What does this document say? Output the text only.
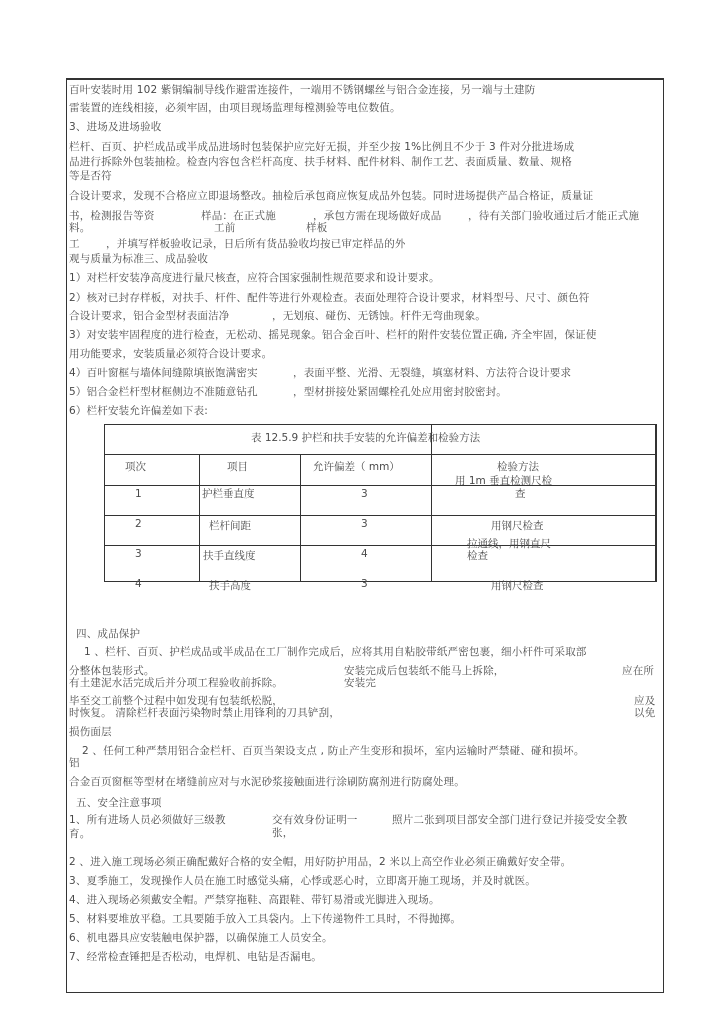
百叶安装时用 102 紫铜编制导线作避雷连接件，一端用不锈钢螺丝与铝合金连接，另一端与土建防
雷装置的连线相接，必须牢固，由项目现场监理每樘测验等电位数值。
3、进场及进场验收
栏杆、百页、护栏成品或半成品进场时包装保护应完好无损，并至少按 1%比例且不少于 3 件对分批进场成
品进行拆除外包装抽检。检查内容包含栏杆高度、扶手材料、配件材料、制作工艺、表面质量、数量、规格
等是否符
合设计要求，发现不合格应立即退场整改。抽检后承包商应恢复成品外包装。同时进场提供产品合格证，质量证
书，检测报告等资	样品：在正式施	，承包方需在现场做好成品	，待有关部门验收通过后才能正式施
料。	工前	样板
工	，并填写样板验收记录，日后所有货品验收均按已审定样品的外
观与质量为标准三、成品验收
1）对栏杆安装净高度进行量尺核查，应符合国家强制性规范要求和设计要求。
2）核对已封存样板，对扶手、杆件、配件等进行外观检查。表面处理符合设计要求，材料型号、尺寸、颜色符
合设计要求，铝合金型材表面洁净	，无划痕、碰伤、无锈蚀。杆件无弯曲现象。
3）对安装牢固程度的进行检查，无松动、摇晃现象。铝合金百叶、栏杆的附件安装位置正确, 齐全牢固，保证使
用功能要求，安装质量必须符合设计要求。
4）百叶窗框与墙体间缝隙填嵌饱满密实	，表面平整、光滑、无裂缝，填塞材料、方法符合设计要求
5）铝合金栏杆型材框侧边不准随意钻孔	，型材拼接处紧固螺栓孔处应用密封胶密封。
6）栏杆安装允许偏差如下表:
表 12.5.9 护栏和扶手安装的允许偏差和检验方法
项次	项目	允许偏差（ mm）	检验方法
用 1m 垂直检测尺检
1	护栏垂直度	3	查
2	栏杆间距	3	用钢尺检查
3	扶手直线度	4
拉通线，用钢直尺
检查
4	扶手高度	3	用钢尺检查
四、成品保护
1 、栏杆、百页、护栏成品或半成品在工厂制作完成后，应将其用自粘胶带纸严密包裹，细小杆件可采取部
分整体包装形式。	安装完成后包装纸不能马上拆除，	应在所
有土建泥水活完成后并分项工程验收前拆除。	安装完
毕至交工前整个过程中如发现有包装纸松脱，	应及
时恢复。 清除栏杆表面污染物时禁止用锋利的刀具铲刮，	以免
损伤面层
2 、任何工种严禁用铝合金栏杆、百页当架设支点 , 防止产生变形和损坏，室内运输时严禁碰、碰和损坏。
铝
合金百页窗框等型材在堵缝前应对与水泥砂浆接触面进行涂刷防腐剂进行防腐处理。
五、安全注意事项
1、所有进场人员必须做好三级教	交有效身份证明一	照片二张到项目部安全部门进行登记并接受安全教
育。	张，
2 、进入施工现场必须正确配戴好合格的安全帽，用好防护用品，2 米以上高空作业必须正确戴好安全带。
3、夏季施工，发现操作人员在施工时感觉头痛，心悸或恶心时，立即离开施工现场，并及时就医。
4、进入现场必须戴安全帽。严禁穿拖鞋、高跟鞋、带钉易滑或光脚进入现场。
5、材料要堆放平稳。工具要随手放入工具袋内。上下传递物件工具时，不得抛掷。
6、机电器具应安装触电保护器，以确保施工人员安全。
7、经常检查锤把是否松动，电焊机、电钻是否漏电。
